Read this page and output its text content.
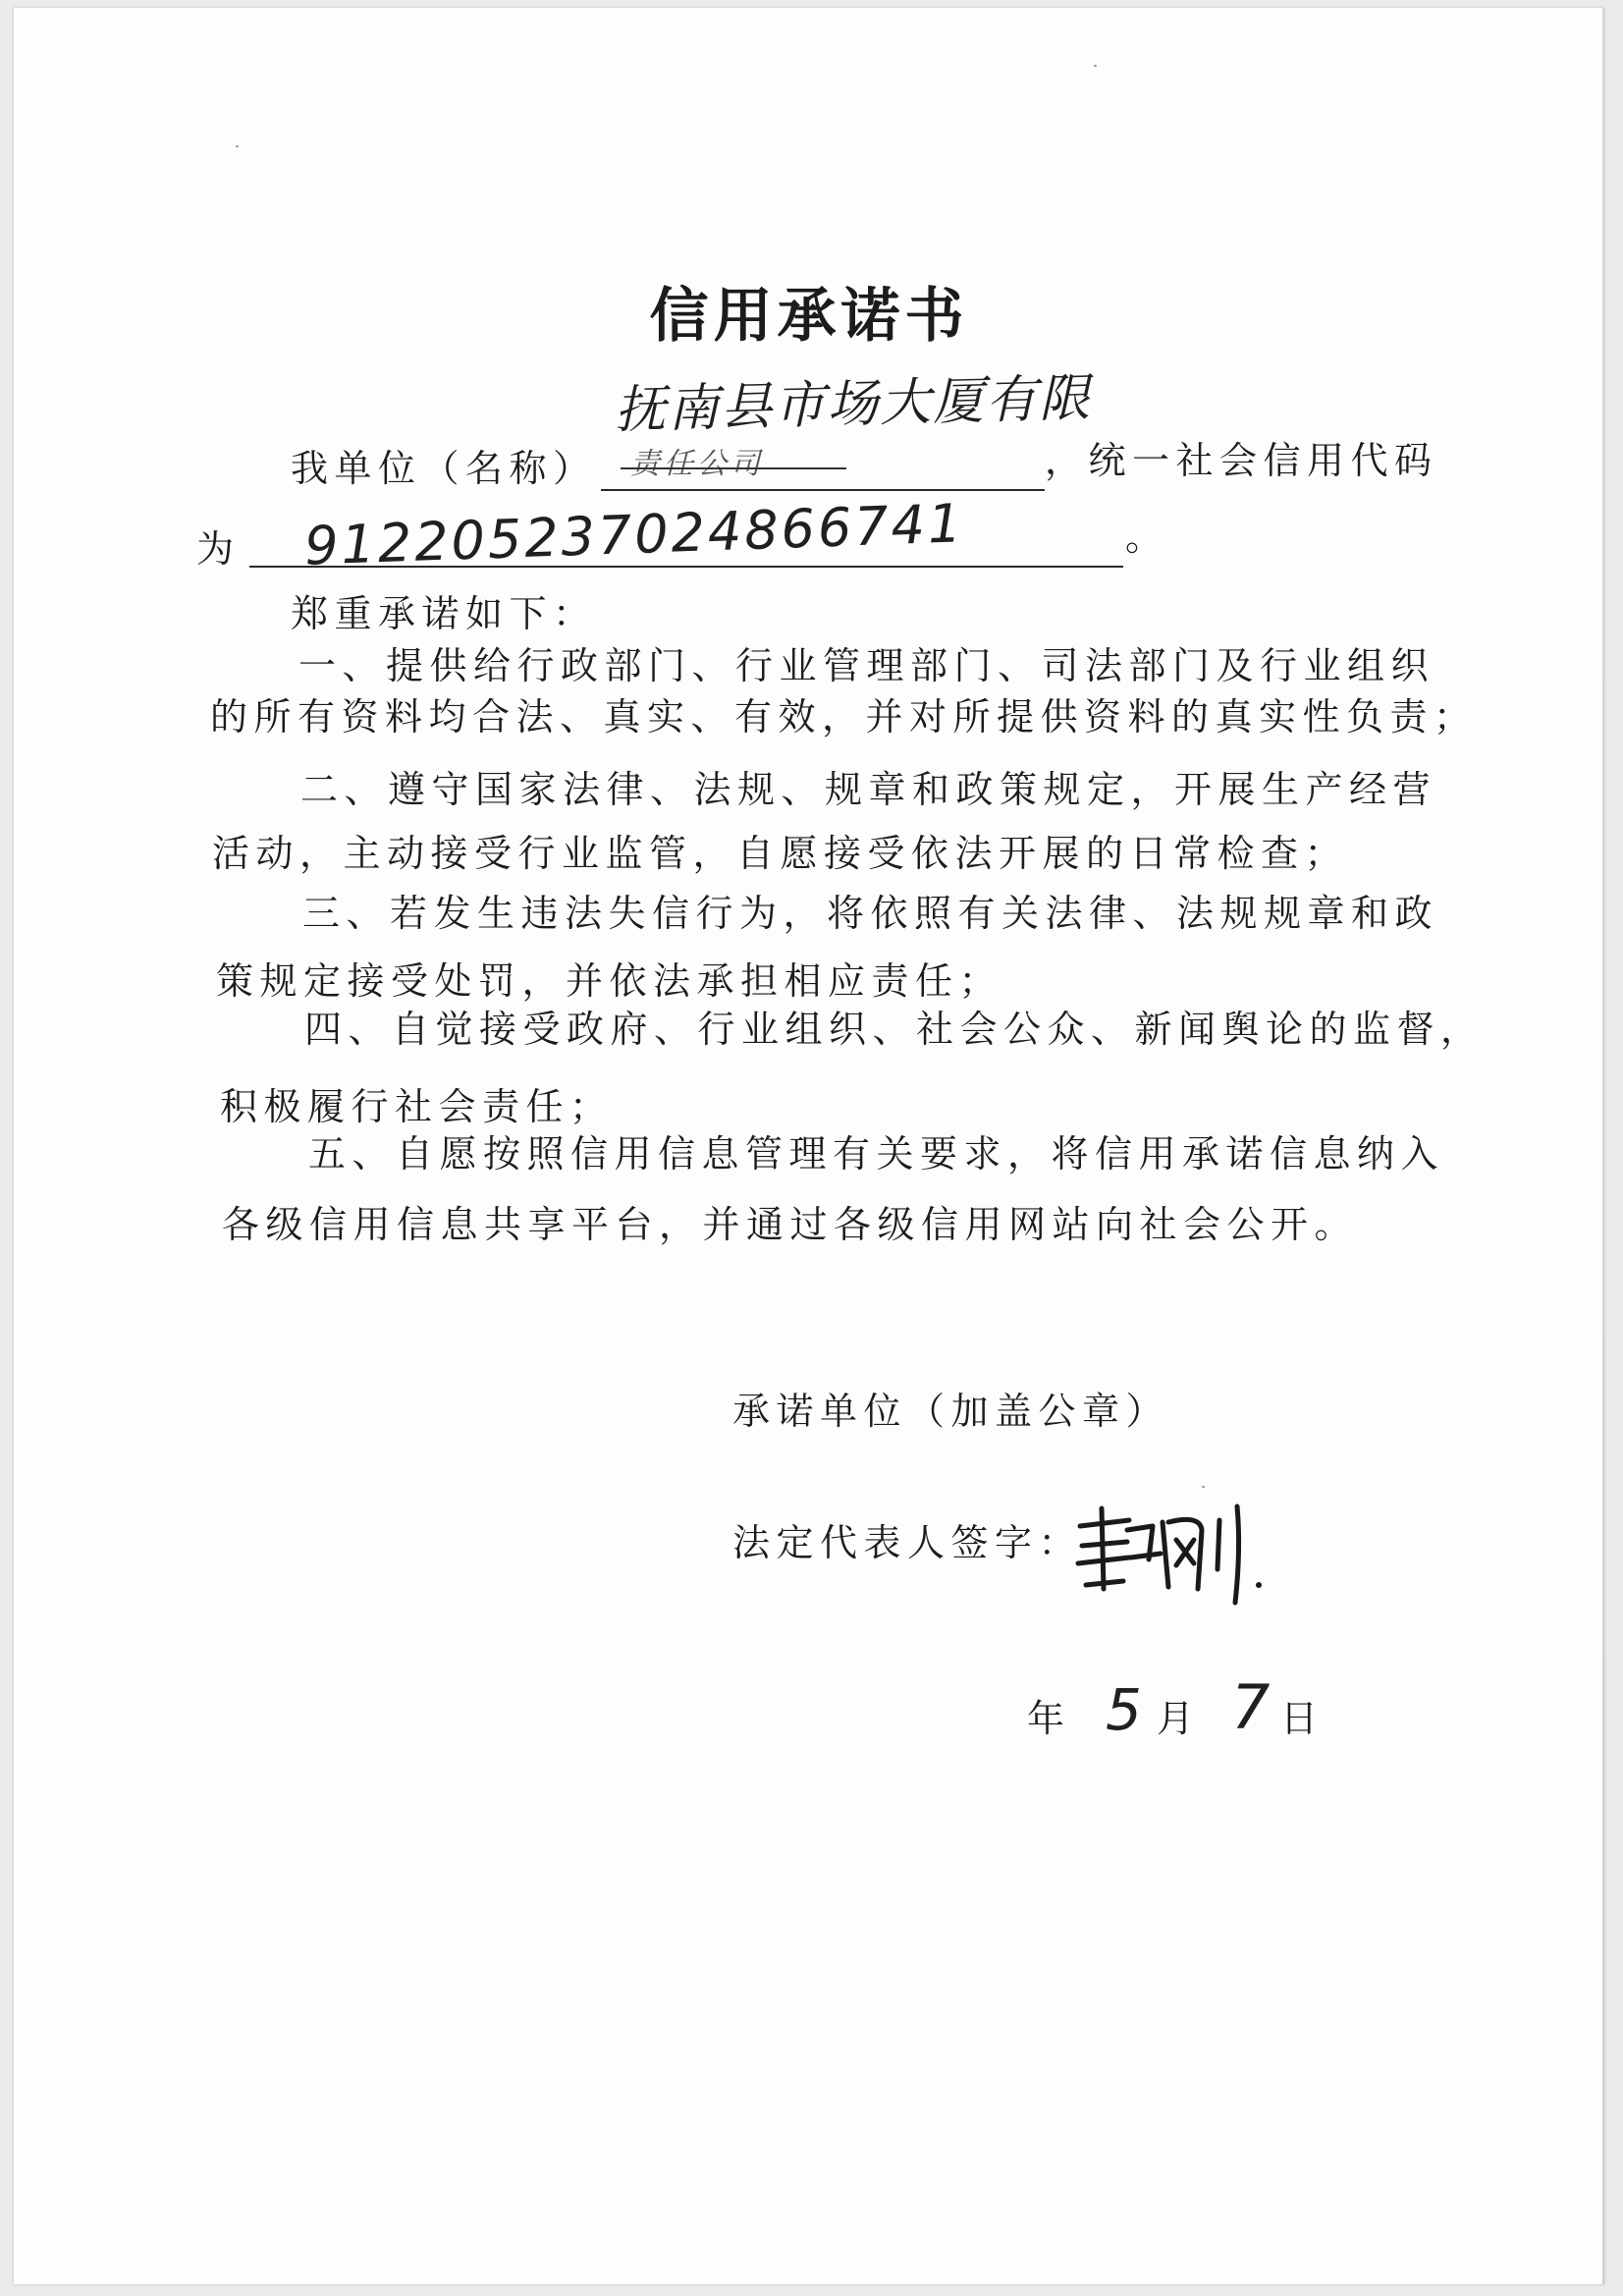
信用承诺书
抚南县市场大厦有限
责任公司
我单位（名称）	，统一社会信用代码
为 912205237024866741	。
郑重承诺如下：
一、提供给行政部门、行业管理部门、司法部门及行业组织
的所有资料均合法、真实、有效，并对所提供资料的真实性负责；
二、遵守国家法律、法规、规章和政策规定，开展生产经营
活动，主动接受行业监管，自愿接受依法开展的日常检查；
三、若发生违法失信行为，将依照有关法律、法规规章和政
策规定接受处罚，并依法承担相应责任；
四、自觉接受政府、行业组织、社会公众、新闻舆论的监督，
积极履行社会责任；
五、自愿按照信用信息管理有关要求，将信用承诺信息纳入
各级信用信息共享平台，并通过各级信用网站向社会公开。
承诺单位（加盖公章）
法定代表人签字：
年 5 月 7 日
